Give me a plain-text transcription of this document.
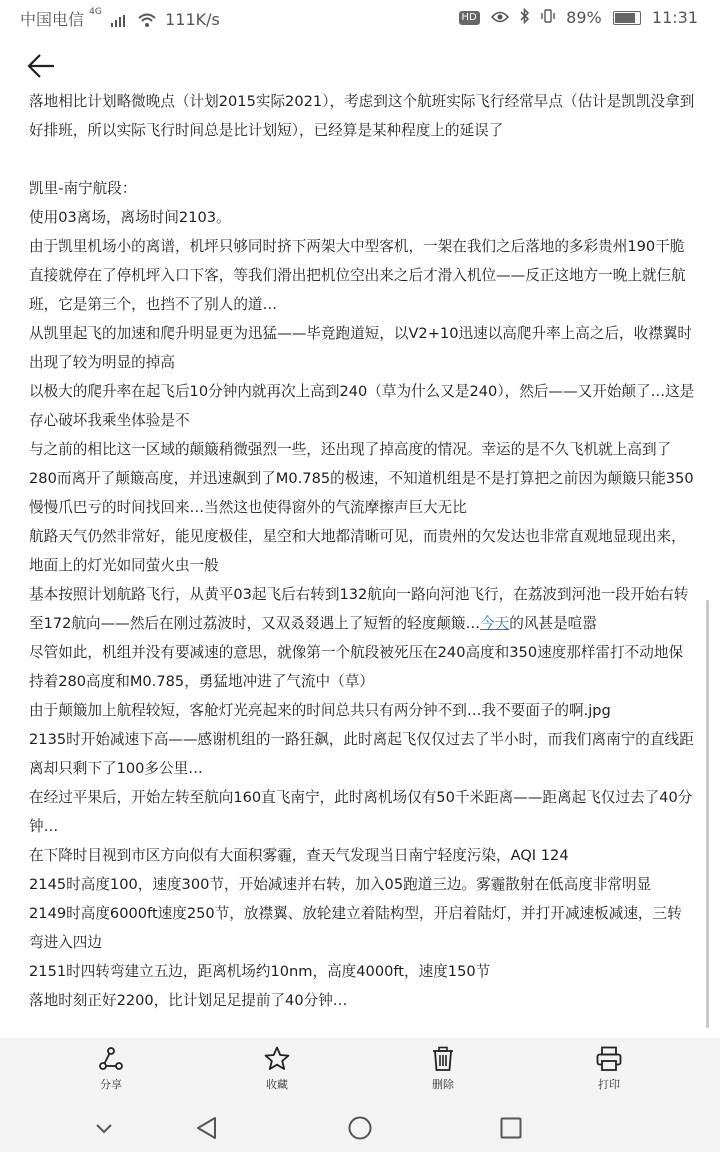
中国电信 $^{4G}$	111K/s	HD	89%	11:31

落地相比计划略微晚点（计划2015实际2021），考虑到这个航班实际飞行经常早点（估计是凯凯没拿到好排班，所以实际飞行时间总是比计划短），已经算是某种程度上的延误了

凯里-南宁航段：

使用03离场，离场时间2103。

由于凯里机场小的离谱，机坪只够同时挤下两架大中型客机，一架在我们之后落地的多彩贵州190干脆直接就停在了停机坪入口下客，等我们滑出把机位空出来之后才滑入机位——反正这地方一晚上就仨航班，它是第三个，也挡不了别人的道…

从凯里起飞的加速和爬升明显更为迅猛——毕竟跑道短，以V2+10迅速以高爬升率上高之后，收襟翼时出现了较为明显的掉高

以极大的爬升率在起飞后10分钟内就再次上高到240（草为什么又是240），然后——又开始颠了…这是存心破坏我乘坐体验是不

与之前的相比这一区域的颠簸稍微强烈一些，还出现了掉高度的情况。幸运的是不久飞机就上高到了280而离开了颠簸高度，并迅速飙到了M0.785的极速，不知道机组是不是打算把之前因为颠簸只能350慢慢爪巴亏的时间找回来…当然这也使得窗外的气流摩擦声巨大无比

航路天气仍然非常好，能见度极佳，星空和大地都清晰可见，而贵州的欠发达也非常直观地显现出来，地面上的灯光如同萤火虫一般

基本按照计划航路飞行，从黄平03起飞后右转到132航向一路向河池飞行，在荔波到河池一段开始右转至172航向——然后在刚过荔波时，又双叒叕遇上了短暂的轻度颠簸…今天的风甚是喧嚣

尽管如此，机组并没有要减速的意思，就像第一个航段被死压在240高度和350速度那样雷打不动地保持着280高度和M0.785，勇猛地冲进了气流中（草）

由于颠簸加上航程较短，客舱灯光亮起来的时间总共只有两分钟不到…我不要面子的啊.jpg

2135时开始减速下高——感谢机组的一路狂飙，此时离起飞仅仅过去了半小时，而我们离南宁的直线距离却只剩下了100多公里…

在经过平果后，开始左转至航向160直飞南宁，此时离机场仅有50千米距离——距离起飞仅过去了40分钟…

在下降时目视到市区方向似有大面积雾霾，查天气发现当日南宁轻度污染，AQI 124

2145时高度100，速度300节，开始减速并右转，加入05跑道三边。雾霾散射在低高度非常明显

2149时高度6000ft速度250节，放襟翼、放轮建立着陆构型，开启着陆灯，并打开减速板减速，三转弯进入四边

2151时四转弯建立五边，距离机场约10nm，高度4000ft，速度150节

落地时刻正好2200，比计划足足提前了40分钟…

分享	收藏	删除	打印
